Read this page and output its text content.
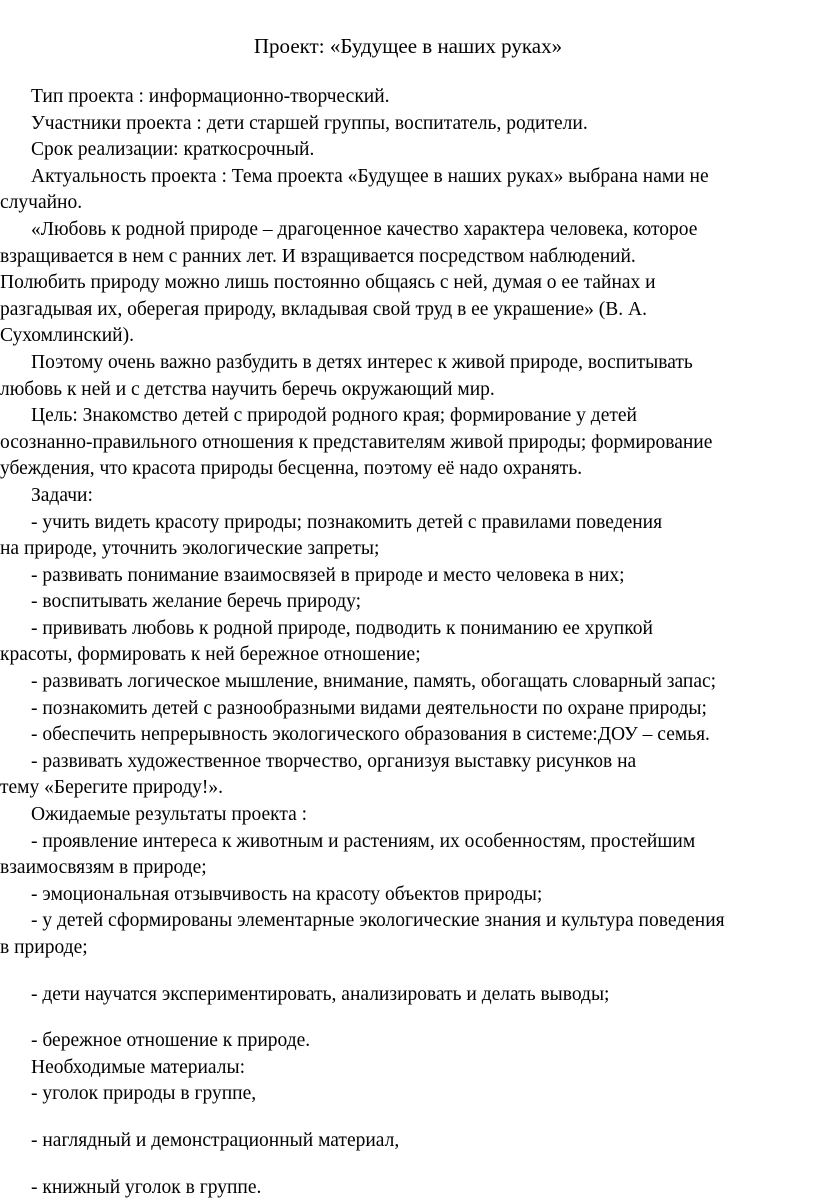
Проект: «Будущее в наших руках»
Тип проекта : информационно-творческий.
Участники проекта : дети старшей группы, воспитатель, родители.
Срок реализации: краткосрочный.
Актуальность проекта : Тема проекта «Будущее в наших руках» выбрана нами не
случайно.
«Любовь к родной природе – драгоценное качество характера человека, которое
взращивается в нем с ранних лет. И взращивается посредством наблюдений.
Полюбить природу можно лишь постоянно общаясь с ней, думая о ее тайнах и
разгадывая их, оберегая природу, вкладывая свой труд в ее украшение» (В. А.
Сухомлинский).
Поэтому очень важно разбудить в детях интерес к живой природе, воспитывать
любовь к ней и с детства научить беречь окружающий мир.
Цель: Знакомство детей с природой родного края; формирование у детей
осознанно-правильного отношения к представителям живой природы; формирование
убеждения, что красота природы бесценна, поэтому её надо охранять.
Задачи:
- учить видеть красоту природы; познакомить детей с правилами поведения
на природе, уточнить экологические запреты;
- развивать понимание взаимосвязей в природе и место человека в них;
- воспитывать желание беречь природу;
- прививать любовь к родной природе, подводить к пониманию ее хрупкой
красоты, формировать к ней бережное отношение;
- развивать логическое мышление, внимание, память, обогащать словарный запас;
- познакомить детей с разнообразными видами деятельности по охране природы;
- обеспечить непрерывность экологического образования в системе:ДОУ – семья.
- развивать художественное творчество, организуя выставку рисунков на
тему «Берегите природу!».
Ожидаемые результаты проекта :
- проявление интереса к животным и растениям, их особенностям, простейшим
взаимосвязям в природе;
- эмоциональная отзывчивость на красоту объектов природы;
- у детей сформированы элементарные экологические знания и культура поведения
в природе;
- дети научатся экспериментировать, анализировать и делать выводы;
- бережное отношение к природе.
Необходимые материалы:
- уголок природы в группе,
- наглядный и демонстрационный материал,
- книжный уголок в группе.
